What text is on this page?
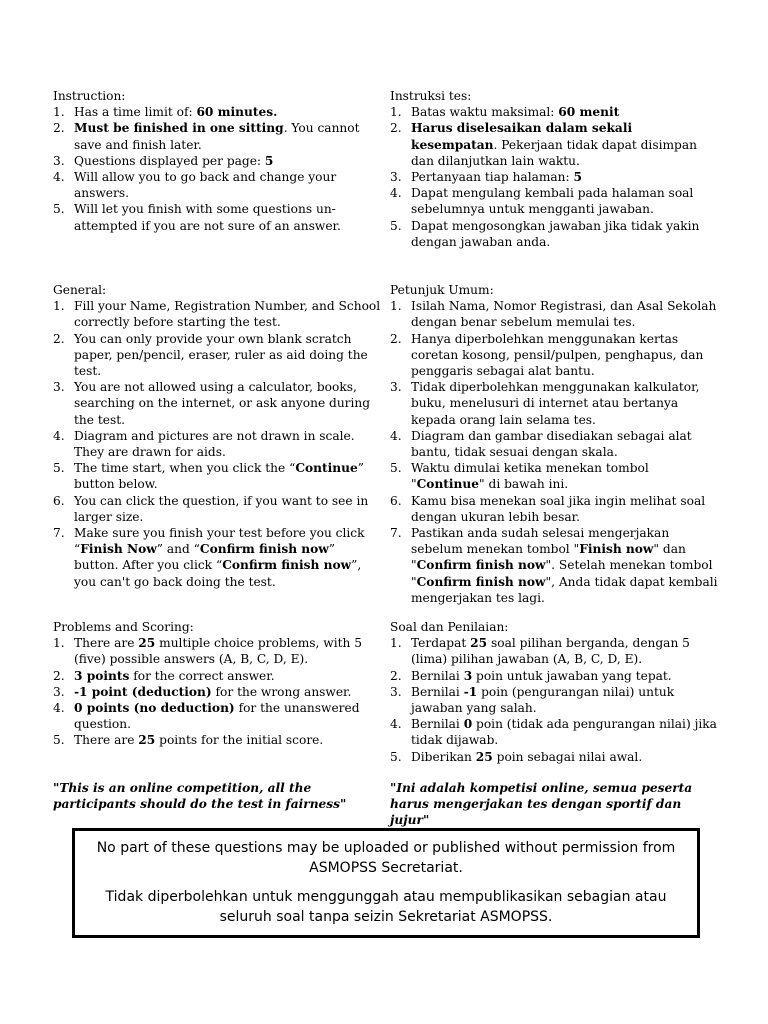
Instruction:
1. Has a time limit of: 60 minutes.
2. Must be finished in one sitting. You cannot save and finish later.
3. Questions displayed per page: 5
4. Will allow you to go back and change your answers.
5. Will let you finish with some questions un-attempted if you are not sure of an answer.
General:
1. Fill your Name, Registration Number, and School correctly before starting the test.
2. You can only provide your own blank scratch paper, pen/pencil, eraser, ruler as aid doing the test.
3. You are not allowed using a calculator, books, searching on the internet, or ask anyone during the test.
4. Diagram and pictures are not drawn in scale. They are drawn for aids.
5. The time start, when you click the “Continue” button below.
6. You can click the question, if you want to see in larger size.
7. Make sure you finish your test before you click “Finish Now” and “Confirm finish now” button. After you click “Confirm finish now”, you can't go back doing the test.
Problems and Scoring:
1. There are 25 multiple choice problems, with 5 (five) possible answers (A, B, C, D, E).
2. 3 points for the correct answer.
3. -1 point (deduction) for the wrong answer.
4. 0 points (no deduction) for the unanswered question.
5. There are 25 points for the initial score.
"This is an online competition, all the participants should do the test in fairness"
Instruksi tes:
1. Batas waktu maksimal: 60 menit
2. Harus diselesaikan dalam sekali kesempatan. Pekerjaan tidak dapat disimpan dan dilanjutkan lain waktu.
3. Pertanyaan tiap halaman: 5
4. Dapat mengulang kembali pada halaman soal sebelumnya untuk mengganti jawaban.
5. Dapat mengosongkan jawaban jika tidak yakin dengan jawaban anda.
Petunjuk Umum:
1. Isilah Nama, Nomor Registrasi, dan Asal Sekolah dengan benar sebelum memulai tes.
2. Hanya diperbolehkan menggunakan kertas coretan kosong, pensil/pulpen, penghapus, dan penggaris sebagai alat bantu.
3. Tidak diperbolehkan menggunakan kalkulator, buku, menelusuri di internet atau bertanya kepada orang lain selama tes.
4. Diagram dan gambar disediakan sebagai alat bantu, tidak sesuai dengan skala.
5. Waktu dimulai ketika menekan tombol "Continue" di bawah ini.
6. Kamu bisa menekan soal jika ingin melihat soal dengan ukuran lebih besar.
7. Pastikan anda sudah selesai mengerjakan sebelum menekan tombol "Finish now" dan "Confirm finish now". Setelah menekan tombol "Confirm finish now", Anda tidak dapat kembali mengerjakan tes lagi.
Soal dan Penilaian:
1. Terdapat 25 soal pilihan berganda, dengan 5 (lima) pilihan jawaban (A, B, C, D, E).
2. Bernilai 3 poin untuk jawaban yang tepat.
3. Bernilai -1 poin (pengurangan nilai) untuk jawaban yang salah.
4. Bernilai 0 poin (tidak ada pengurangan nilai) jika tidak dijawab.
5. Diberikan 25 poin sebagai nilai awal.
"Ini adalah kompetisi online, semua peserta harus mengerjakan tes dengan sportif dan jujur"

No part of these questions may be uploaded or published without permission from ASMOPSS Secretariat.

Tidak diperbolehkan untuk menggunggah atau mempublikasikan sebagian atau seluruh soal tanpa seizin Sekretariat ASMOPSS.
